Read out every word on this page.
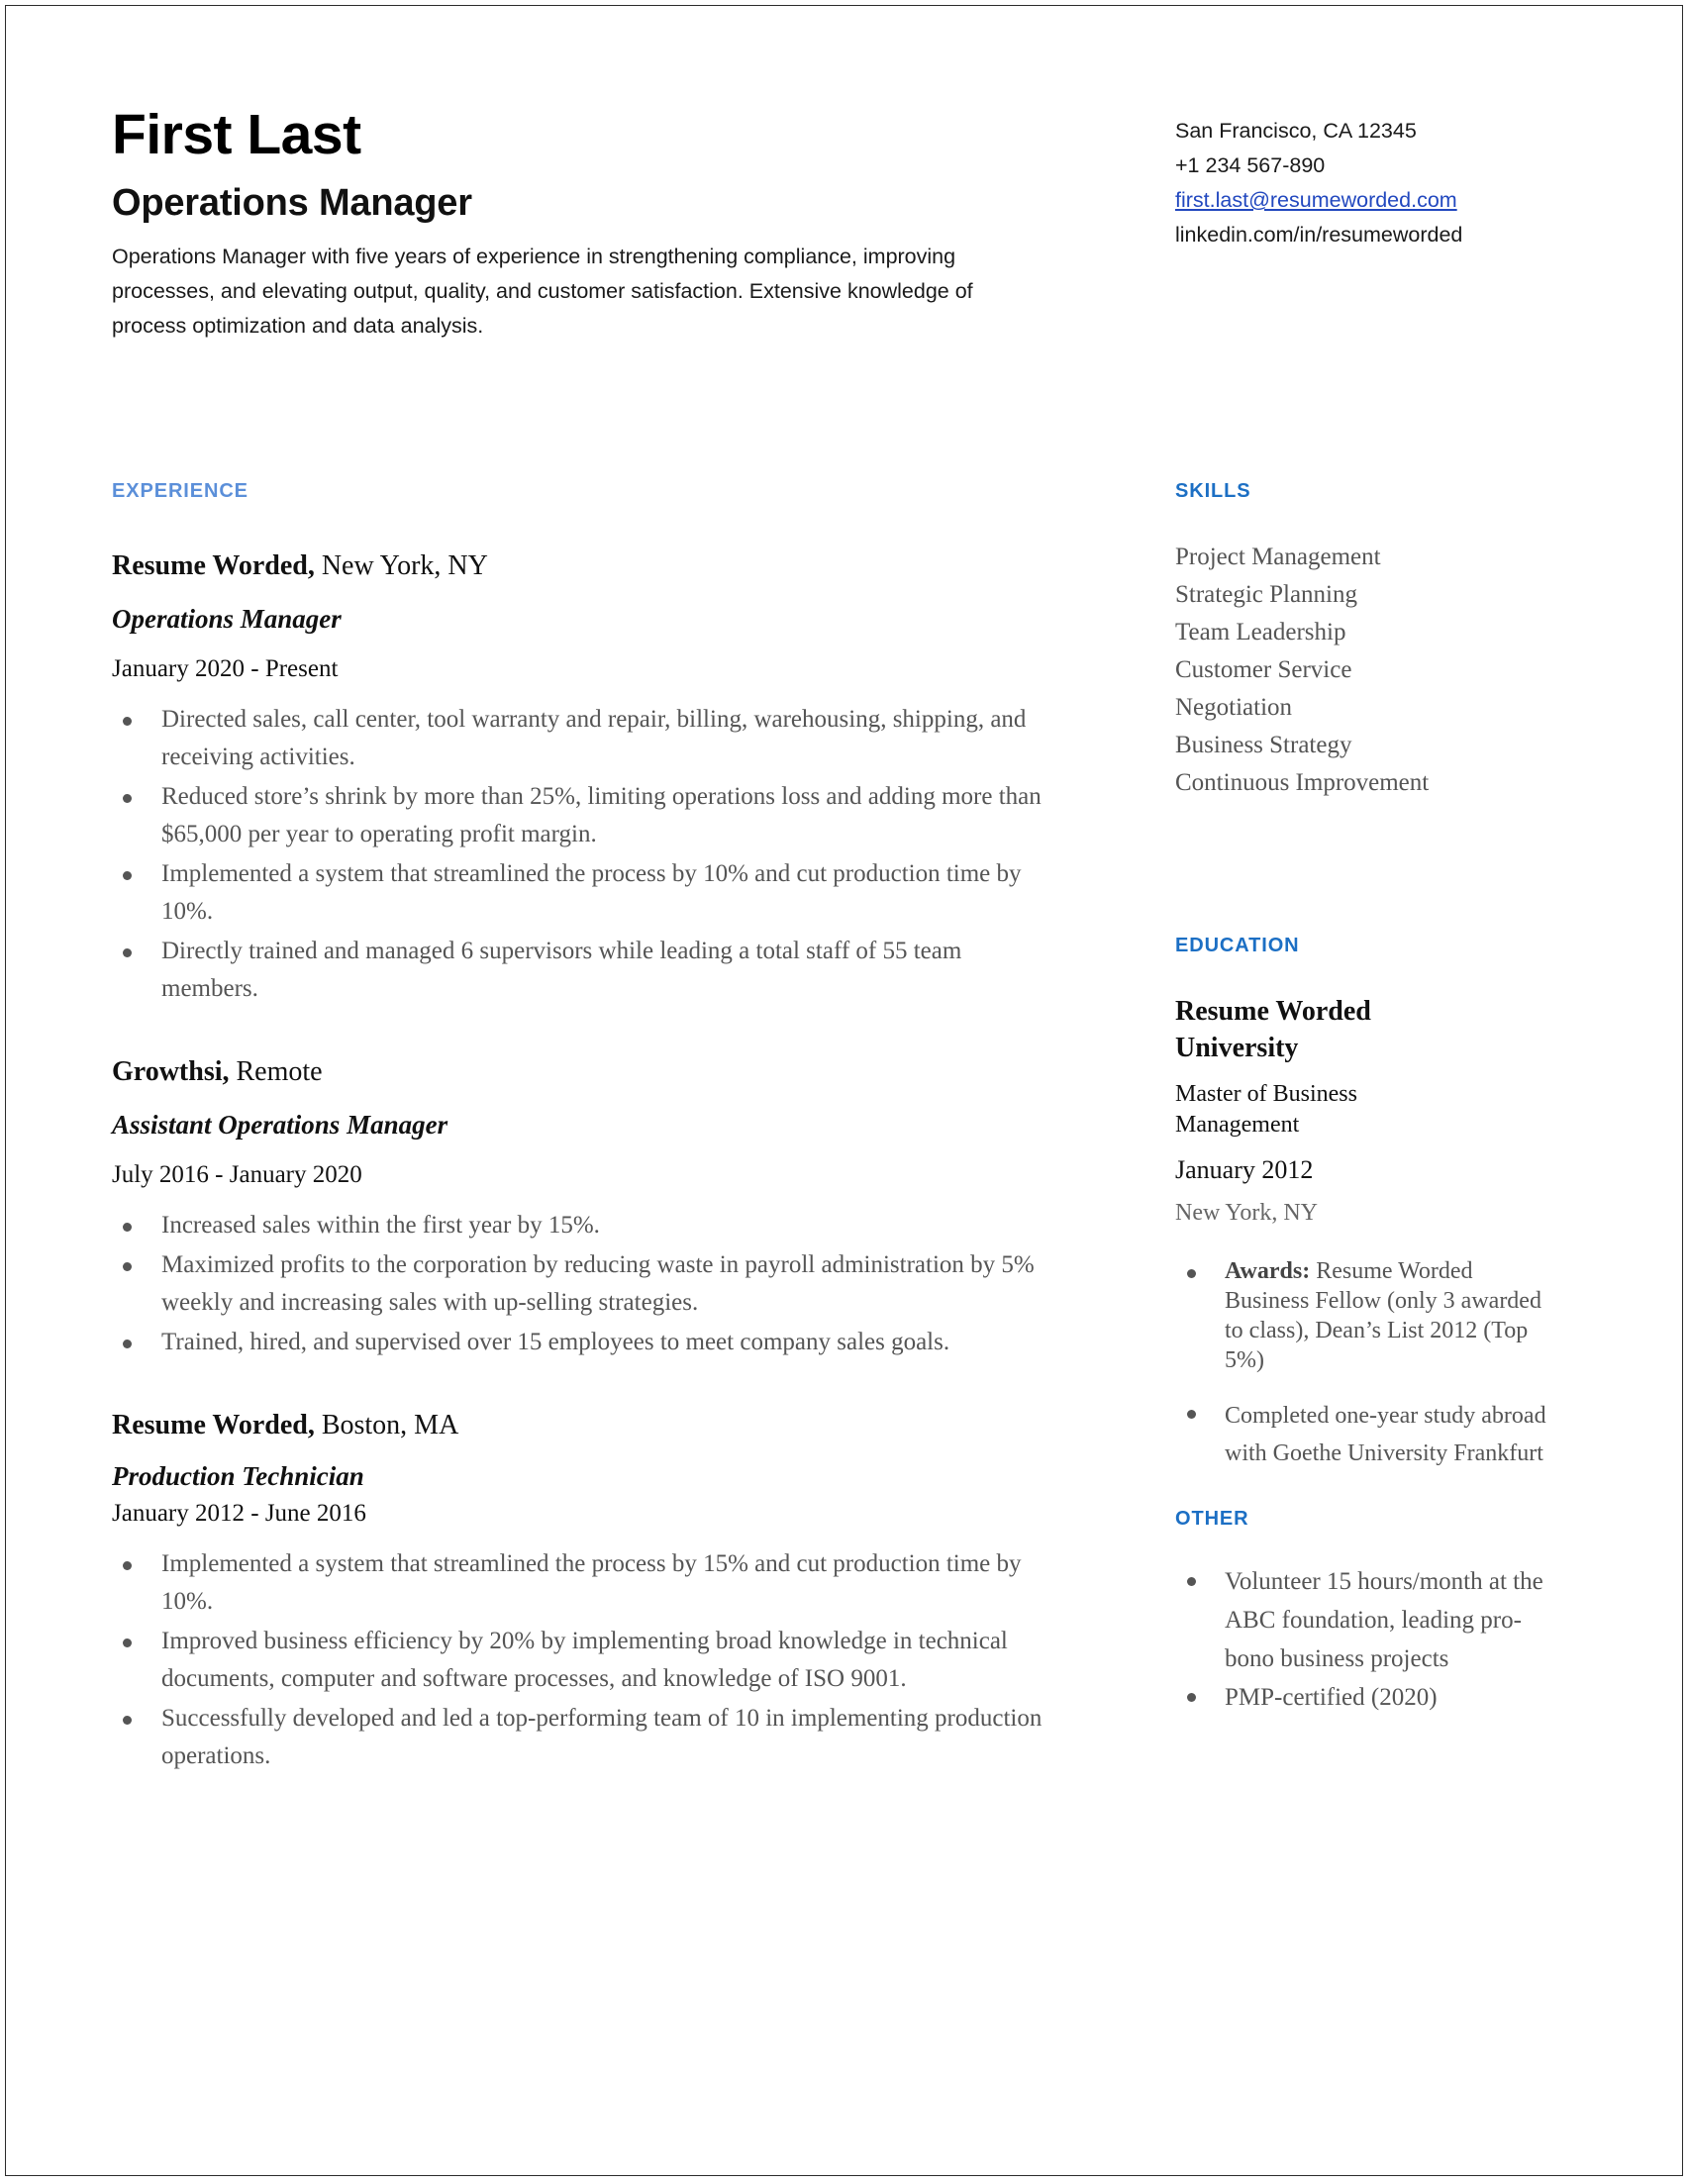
First Last
Operations Manager

Operations Manager with five years of experience in strengthening compliance, improving processes, and elevating output, quality, and customer satisfaction. Extensive knowledge of process optimization and data analysis.

San Francisco, CA 12345
+1 234 567-890
first.last@resumeworded.com
linkedin.com/in/resumeworded
EXPERIENCE

Resume Worded, New York, NY

Operations Manager

January 2020 - Present

Directed sales, call center, tool warranty and repair, billing, warehousing, shipping, and receiving activities.
Reduced store’s shrink by more than 25%, limiting operations loss and adding more than $65,000 per year to operating profit margin.
Implemented a system that streamlined the process by 10% and cut production time by 10%.
Directly trained and managed 6 supervisors while leading a total staff of 55 team members.

Growthsi, Remote

Assistant Operations Manager

July 2016 - January 2020

Increased sales within the first year by 15%.
Maximized profits to the corporation by reducing waste in payroll administration by 5% weekly and increasing sales with up-selling strategies.
Trained, hired, and supervised over 15 employees to meet company sales goals.

Resume Worded, Boston, MA

Production Technician

January 2012 - June 2016

Implemented a system that streamlined the process by 15% and cut production time by 10%.
Improved business efficiency by 20% by implementing broad knowledge in technical documents, computer and software processes, and knowledge of ISO 9001.
Successfully developed and led a top-performing team of 10 in implementing production operations.
SKILLS
Project Management
Strategic Planning
Team Leadership
Customer Service
Negotiation
Business Strategy
Continuous Improvement
EDUCATION

Resume Worded University

Master of Business Management

January 2012

New York, NY

Awards: Resume Worded Business Fellow (only 3 awarded to class), Dean’s List 2012 (Top 5%)
Completed one-year study abroad with Goethe University Frankfurt
OTHER
Volunteer 15 hours/month at the ABC foundation, leading pro-bono business projects
PMP-certified (2020)
